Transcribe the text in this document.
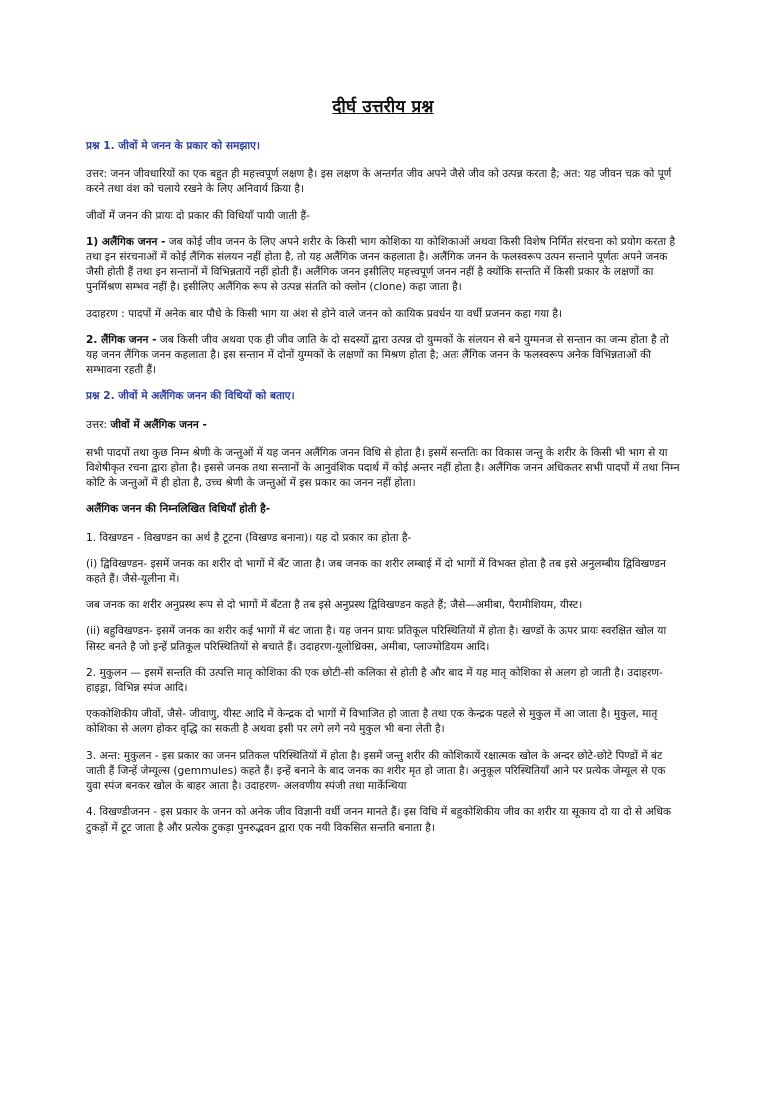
दीर्घ उत्तरीय प्रश्न

प्रश्न 1. जीवों मे जनन के प्रकार को समझाए।

उत्तर: जनन जीवधारियों का एक बहुत ही महत्त्वपूर्ण लक्षण है। इस लक्षण के अन्तर्गत जीव अपने जैसे जीव को उत्पन्न करता है; अत: यह जीवन चक्र को पूर्ण करने तथा वंश को चलाये रखने के लिए अनिवार्य क्रिया है।

जीवों में जनन की प्रायः दो प्रकार की विधियाँ पायी जाती हैं-

1) अलैंगिक जनन - जब कोई जीव जनन के लिए अपने शरीर के किसी भाग कोशिका या कोशिकाओं अथवा किसी विशेष निर्मित संरचना को प्रयोग करता है तथा इन संरचनाओं में कोई लैंगिक संलयन नहीं होता है, तो यह अलैंगिक जनन कहलाता है। अलैंगिक जनन के फलस्वरूप उत्पन सन्ताने पूर्णतः अपने जनक जैसी होती हैं तथा इन सन्तानों में विभिन्नतायें नहीं होती हैं। अलैंगिक जनन इसीलिए महत्त्वपूर्ण जनन नहीं है क्योंकि सन्तति में किसी प्रकार के लक्षणों का पुनर्मिश्रण सम्भव नहीं है। इसीलिए अलैंगिक रूप से उत्पन्न संतति को क्लोन (clone) कहा जाता है।

उदाहरण : पादपों में अनेक बार पौधे के किसी भाग या अंश से होने वाले जनन को कायिक प्रवर्धन या वर्धी प्रजनन कहा गया है।

2. लैंगिक जनन - जब किसी जीव अथवा एक ही जीव जाति के दो सदस्यों द्वारा उत्पन्न दो युग्मकों के संलयन से बने युग्मनज से सन्तान का जन्म होता है तो यह जनन लैंगिक जनन कहलाता है। इस सन्तान में दोनों युग्मकों के लक्षणों का मिश्रण होता है; अतः लैंगिक जनन के फलस्वरूप अनेक विभिन्नताओं की सम्भावना रहती हैं।

प्रश्न 2. जीवों मे अलैंगिक जनन की विधियों को बताए।

उत्तर: जीवों में अलैंगिक जनन -

सभी पादपों तथा कुछ निम्न श्रेणी के जन्तुओं में यह जनन अलैंगिक जनन विधि से होता है। इसमें सन्ततिः का विकास जन्तु के शरीर के किसी भी भाग से या विशेषीकृत रचना द्वारा होता है। इससे जनक तथा सन्तानों के आनुवंशिक पदार्थ में कोई अन्तर नहीं होता है। अलैंगिक जनन अधिकतर सभी पादपों में तथा निम्न कोटि के जन्तुओं में ही होता है, उच्च श्रेणी के जन्तुओं में इस प्रकार का जनन नहीं होता।

अलैंगिक जनन की निम्नलिखित विधियाँ होती है-

1. विखण्डन - विखण्डन का अर्थ है टूटना (विखण्ड बनाना)। यह दो प्रकार का होता है-

(i) द्विविखण्डन- इसमें जनक का शरीर दो भागों में बँट जाता है। जब जनक का शरीर लम्बाई में दो भागों में विभक्त होता है तब इसे अनुलम्बीय द्विविखण्डन कहते हैं। जैसे-यूलीना में।

जब जनक का शरीर अनुप्रस्थ रूप से दो भागों में बँटता है तब इसे अनुप्रस्थ द्विविखण्डन कहते हैं; जैसे—अमीबा, पैरामीशियम, यीस्ट।

(ii) बहुविखण्डन- इसमें जनक का शरीर कई भागों में बंट जाता है। यह जनन प्रायः प्रतिकूल परिस्थितियों में होता है। खण्डों के ऊपर प्रायः स्वरक्षित खोल या सिस्ट बनते है जो इन्हें प्रतिकूल परिस्थितियों से बचाते हैं। उदाहरण-यूलोथ्रिक्स, अमीबा, प्लाज्मोडियम आदि।

2. मुकुलन — इसमें सन्तति की उत्पत्ति मातृ कोशिका की एक छोटी-सी कलिका से होती है और बाद में यह मातृ कोशिका से अलग हो जाती है। उदाहरण-हाइड्रा, विभिन्न स्पंज आदि।

एककोशिकीय जीवों, जैसे- जीवाणु, यीस्ट आदि में केन्द्रक दो भागों में विभाजित हो जाता है तथा एक केन्द्रक पहले से मुकुल में आ जाता है। मुकुल, मातृ कोशिका से अलग होकर वृद्धि का सकती है अथवा इसी पर लगे लगे नये मुकुल भी बना लेती है।

3. अन्त: मुकुलन - इस प्रकार का जनन प्रतिकल परिस्थितियों में होता है। इसमें जन्तु शरीर की कोशिकायें रक्षात्मक खोल के अन्दर छोटे-छोटे पिण्डों में बंट जाती हैं जिन्हें जेम्यूल्स (gemmules) कहते हैं। इन्हें बनाने के बाद जनक का शरीर मृत हो जाता है। अनुकूल परिस्थितियाँ आने पर प्रत्येक जेम्यूल से एक युवा स्पंज बनकर खोल के बाहर आता है। उदाहरण- अलवणीय स्पंजी तथा मार्केन्थिया

4. विखण्डीजनन - इस प्रकार के जनन को अनेक जीव विज्ञानी वर्धी जनन मानते हैं। इस विधि में बहुकोशिकीय जीव का शरीर या सूकाय दो या दो से अधिक टुकड़ों में टूट जाता है और प्रत्येक टुकड़ा पुनरुद्भवन द्वारा एक नयी विकसित सन्तति बनाता है।
